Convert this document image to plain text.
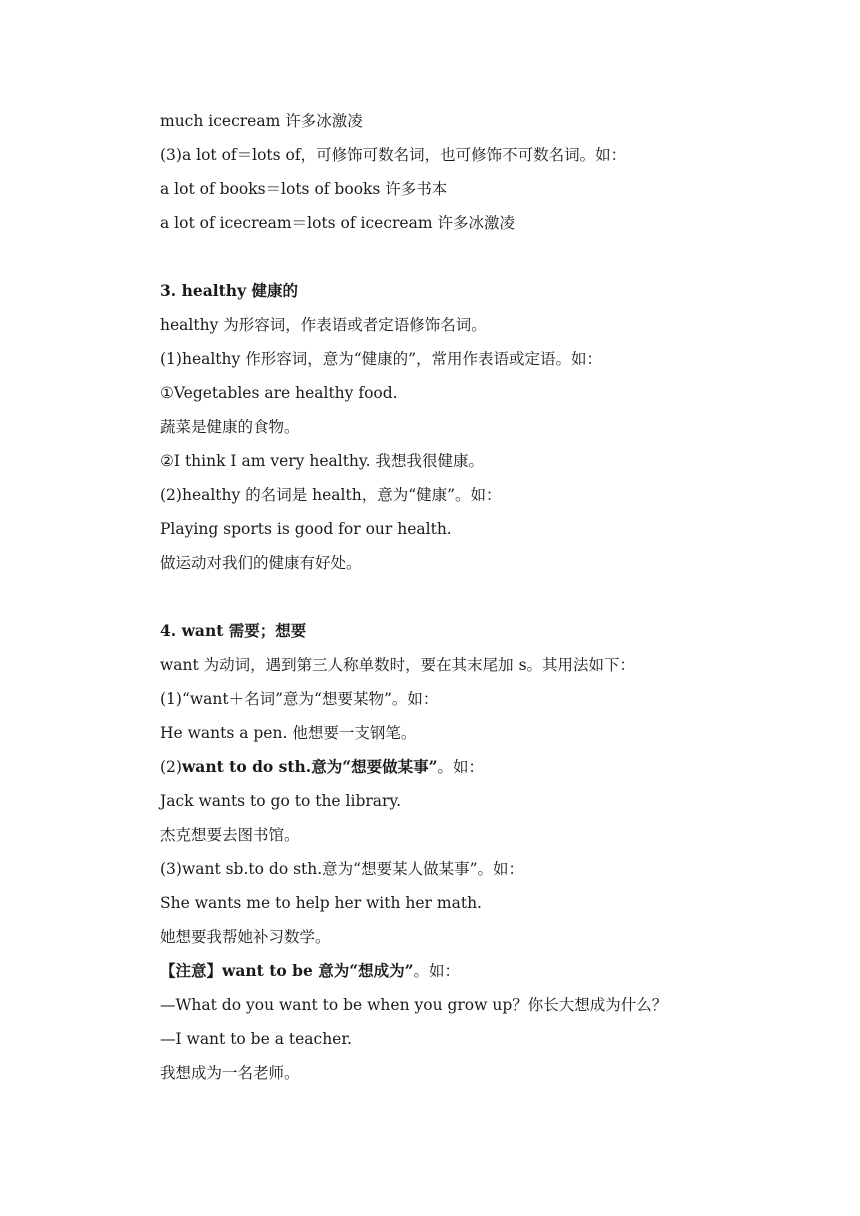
much icecream 许多冰激凌
(3)a lot of＝lots of，可修饰可数名词，也可修饰不可数名词。如：
a lot of books＝lots of books 许多书本
a lot of icecream＝lots of icecream 许多冰激凌
3. healthy 健康的
healthy 为形容词，作表语或者定语修饰名词。
(1)healthy 作形容词，意为“健康的”，常用作表语或定语。如：
①Vegetables are healthy food.
蔬菜是健康的食物。
②I think I am very healthy. 我想我很健康。
(2)healthy 的名词是 health，意为“健康”。如：
Playing sports is good for our health.
做运动对我们的健康有好处。
4. want 需要；想要
want 为动词，遇到第三人称单数时，要在其末尾加 s。其用法如下：
(1)“want＋名词”意为“想要某物”。如：
He wants a pen. 他想要一支钢笔。
(2)want to do sth.意为“想要做某事”。如：
Jack wants to go to the library.
杰克想要去图书馆。
(3)want sb.to do sth.意为“想要某人做某事”。如：
She wants me to help her with her math.
她想要我帮她补习数学。
【注意】want to be 意为“想成为”。如：
—What do you want to be when you grow up？你长大想成为什么？
—I want to be a teacher.
我想成为一名老师。
